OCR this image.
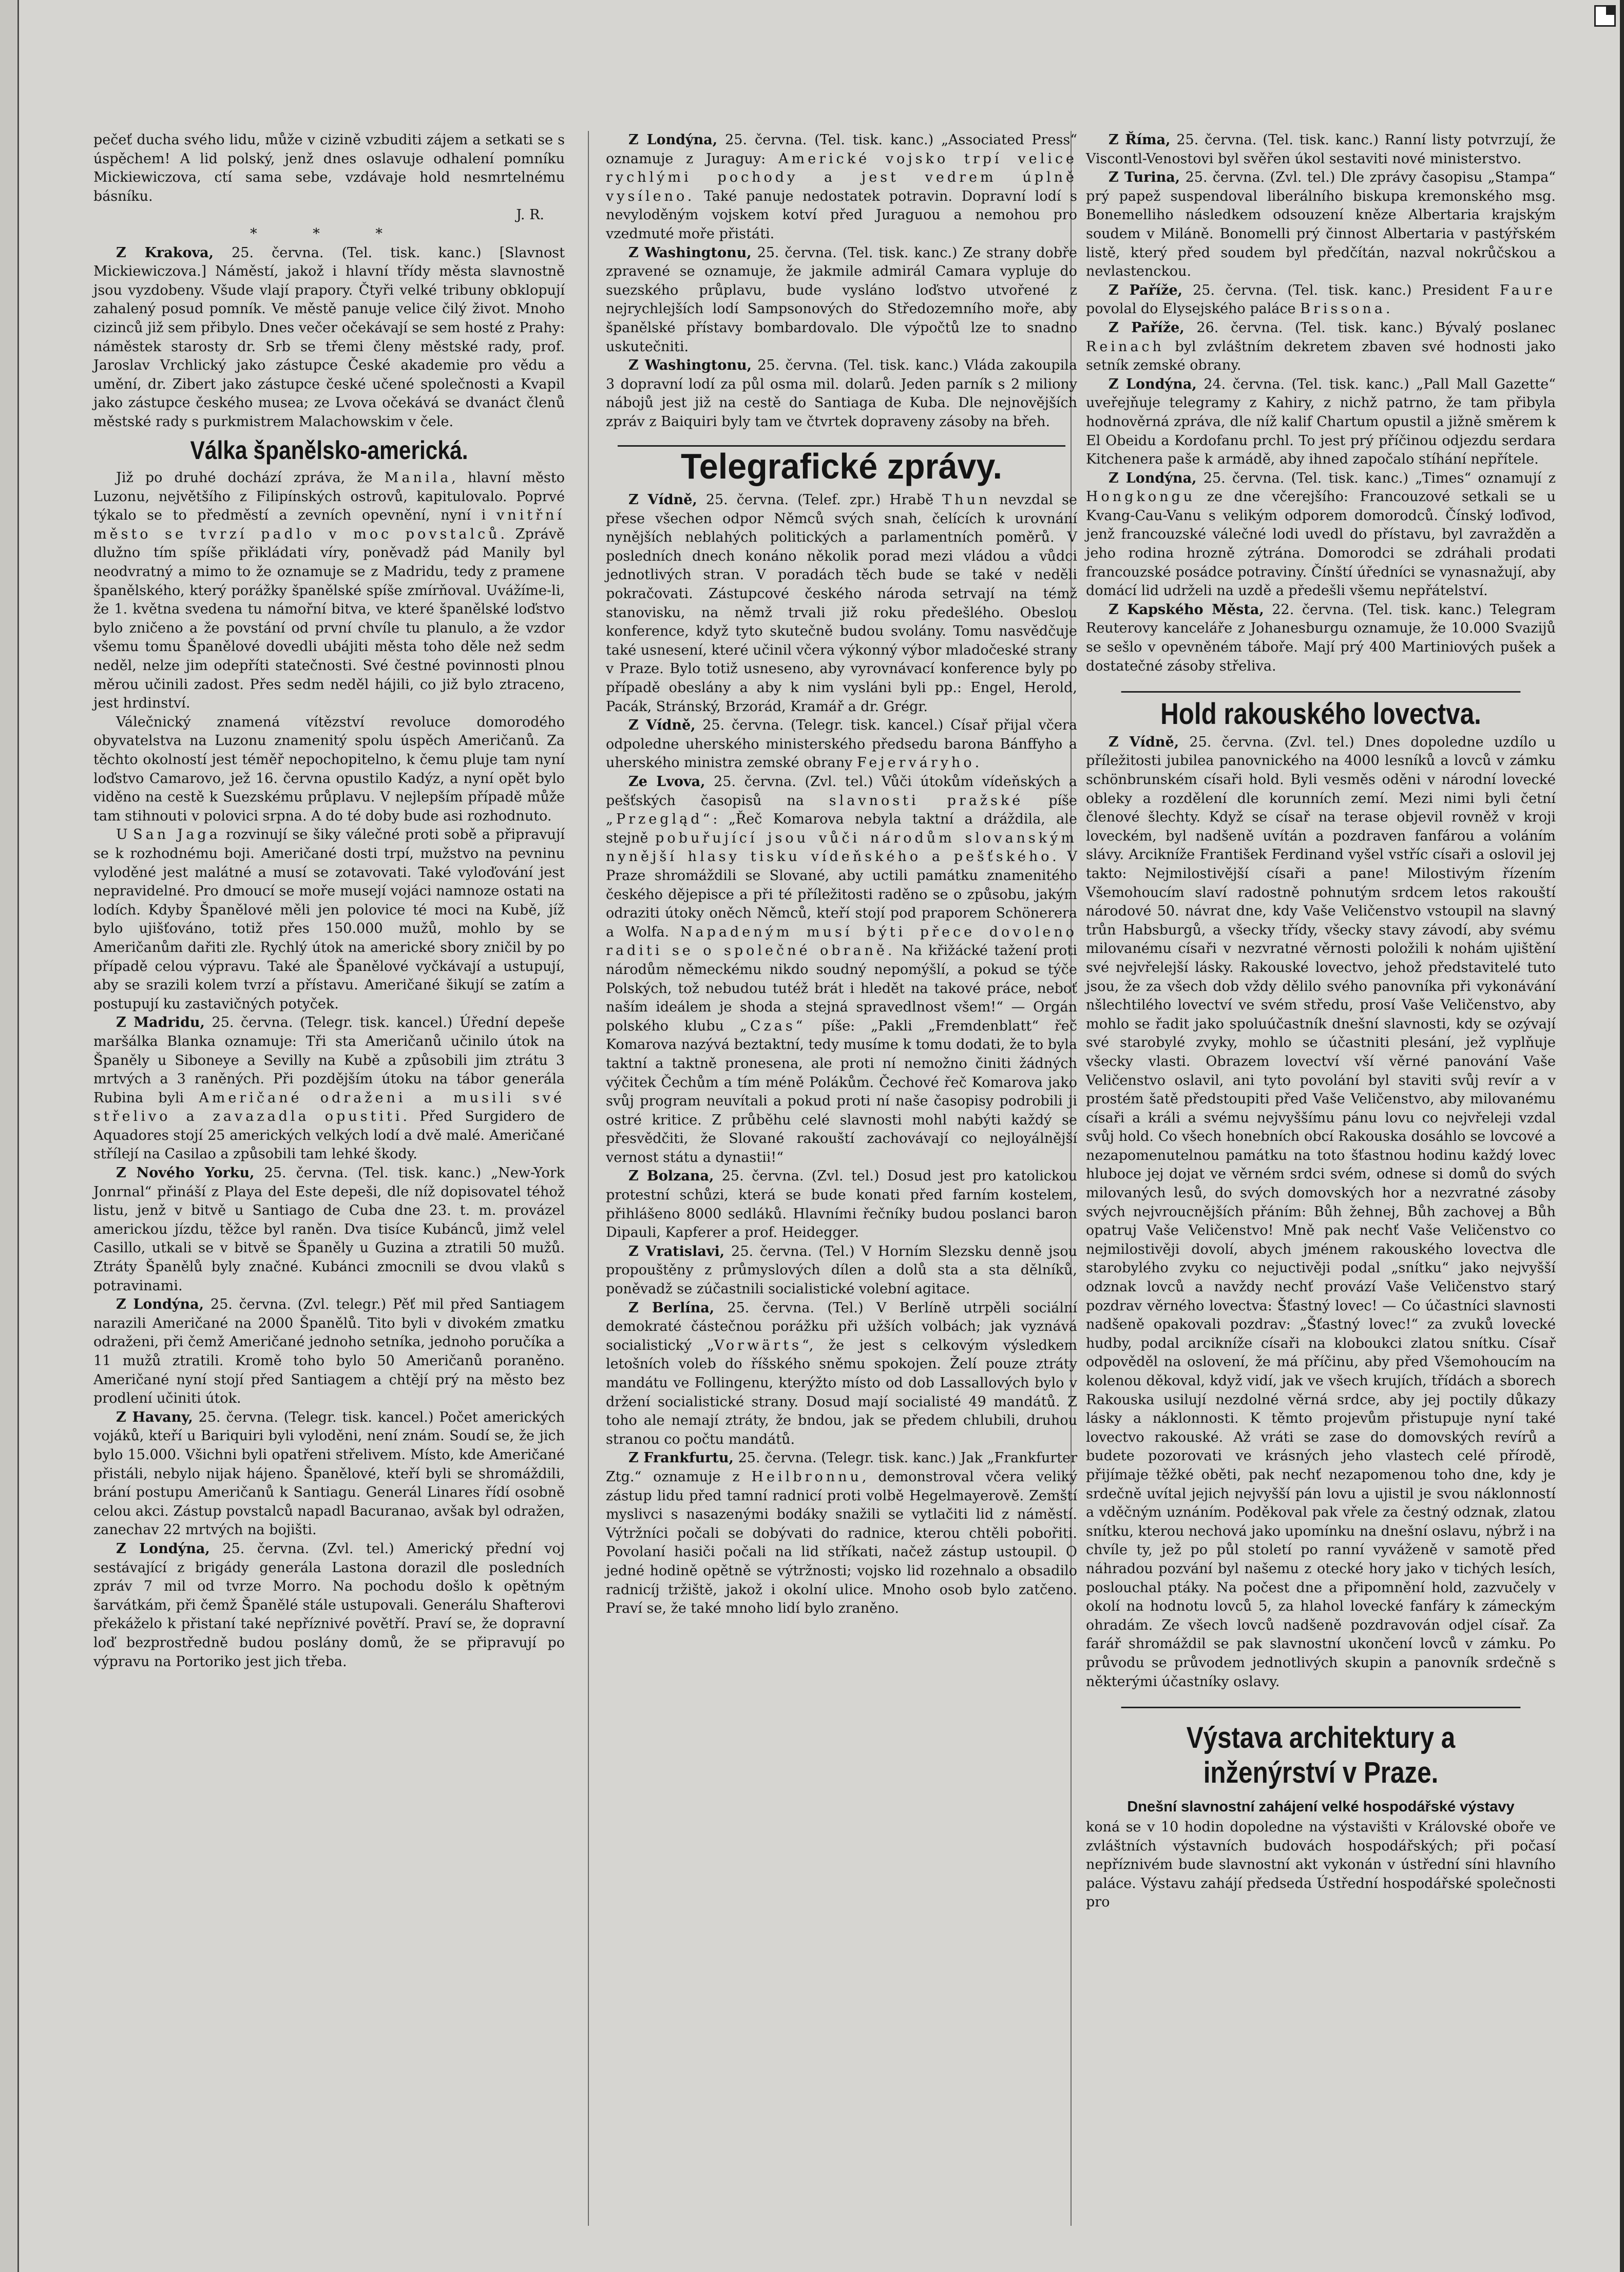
pečeť ducha svého lidu, může v cizině vzbuditi zájem a setkati se s úspěchem! A lid polský, jenž dnes oslavuje odhalení pomníku Mickiewiczova, ctí sama sebe, vzdávaje hold nesmrtelnému básníku.

J. R.

* * *

Z Krakova, 25. června. (Tel. tisk. kanc.) [Slavnost Mickiewiczova.] Náměstí, jakož i hlavní třídy města slavnostně jsou vyzdobeny. Všude vlají prapory. Čtyři velké tribuny obklopují zahalený posud pomník. Ve městě panuje velice čilý život. Mnoho cizinců již sem přibylo. Dnes večer očekávají se sem hosté z Prahy: náměstek starosty dr. Srb se třemi členy městské rady, prof. Jaroslav Vrchlický jako zástupce České akademie pro vědu a umění, dr. Zibert jako zástupce české učené společnosti a Kvapil jako zástupce českého musea; ze Lvova očekává se dvanáct členů městské rady s purkmistrem Malachowskim v čele.

Válka španělsko-americká.

Již po druhé dochází zpráva, že Manila, hlavní město Luzonu, největšího z Filipínských ostrovů, kapitulovalo. Poprvé týkalo se to předměstí a zevních opevnění, nyní i vnitřní město se tvrzí padlo v moc povstalců. Zprávě dlužno tím spíše přikládati víry, poněvadž pád Manily byl neodvratný a mimo to že oznamuje se z Madridu, tedy z pramene španělského, který porážky španělské spíše zmírňoval. Uvážíme-li, že 1. května svedena tu námořní bitva, ve které španělské loďstvo bylo zničeno a že povstání od první chvíle tu planulo, a že vzdor všemu tomu Španělové dovedli ubájiti města toho děle než sedm neděl, nelze jim odepříti statečnosti. Své čestné povinnosti plnou měrou učinili zadost. Přes sedm neděl hájili, co již bylo ztraceno, jest hrdinství.

Válečnický znamená vítězství revoluce domorodého obyvatelstva na Luzonu znamenitý spolu úspěch Američanů. Za těchto okolností jest téměř nepochopitelno, k čemu pluje tam nyní loďstvo Camarovo, jež 16. června opustilo Kadýz, a nyní opět bylo viděno na cestě k Suezskému průplavu. V nejlepším případě může tam stihnouti v polovici srpna. A do té doby bude asi rozhodnuto.

U San Jaga rozvinují se šiky válečné proti sobě a připravují se k rozhodnému boji. Američané dosti trpí, mužstvo na pevninu vyloděné jest malátné a musí se zotavovati. Také vyloďování jest nepravidelné. Pro dmoucí se moře musejí vojáci namnoze ostati na lodích. Kdyby Španělové měli jen polovice té moci na Kubě, jíž bylo ujišťováno, totiž přes 150.000 mužů, mohlo by se Američanům dařiti zle. Rychlý útok na americké sbory zničil by po případě celou výpravu. Také ale Španělové vyčkávají a ustupují, aby se srazili kolem tvrzí a přístavu. Američané šikují se zatím a postupují ku zastavičných potyček.

Z Madridu, 25. června. (Telegr. tisk. kancel.) Úřední depeše maršálka Blanka oznamuje: Tři sta Američanů učinilo útok na Španěly u Siboneye a Sevilly na Kubě a způsobili jim ztrátu 3 mrtvých a 3 raněných. Při pozdějším útoku na tábor generála Rubina byli Američané odraženi a musili své střelivo a zavazadla opustiti. Před Surgidero de Aquadores stojí 25 amerických velkých lodí a dvě malé. Američané střílejí na Casilao a způsobili tam lehké škody.

Z Nového Yorku, 25. června. (Tel. tisk. kanc.) „New-York Jonrnal“ přináší z Playa del Este depeši, dle níž dopisovatel téhož listu, jenž v bitvě u Santiago de Cuba dne 23. t. m. provázel americkou jízdu, těžce byl raněn. Dva tisíce Kubánců, jimž velel Casillo, utkali se v bitvě se Španěly u Guzina a ztratili 50 mužů. Ztráty Španělů byly značné. Kubánci zmocnili se dvou vlaků s potravinami.

Z Londýna, 25. června. (Zvl. telegr.) Pěť mil před Santiagem narazili Američané na 2000 Španělů. Tito byli v divokém zmatku odraženi, při čemž Američané jednoho setníka, jednoho poručíka a 11 mužů ztratili. Kromě toho bylo 50 Američanů poraněno. Američané nyní stojí před Santiagem a chtějí prý na město bez prodlení učiniti útok.

Z Havany, 25. června. (Telegr. tisk. kancel.) Počet amerických vojáků, kteří u Bariquiri byli vyloděni, není znám. Soudí se, že jich bylo 15.000. Všichni byli opatřeni střelivem. Místo, kde Američané přistáli, nebylo nijak hájeno. Španělové, kteří byli se shromáždili, brání postupu Američanů k Santiagu. Generál Linares řídí osobně celou akci. Zástup povstalců napadl Bacuranao, avšak byl odražen, zanechav 22 mrtvých na bojišti.

Z Londýna, 25. června. (Zvl. tel.) Americký přední voj sestávající z brigády generála Lastona dorazil dle posledních zpráv 7 mil od tvrze Morro. Na pochodu došlo k opětným šarvátkám, při čemž Španělé stále ustupovali. Generálu Shafterovi překáželo k přistaní také nepříznivé povětří. Praví se, že dopravní loď bezprostředně budou poslány domů, že se připravují po výpravu na Portoriko jest jich třeba.

Z Londýna, 25. června. (Tel. tisk. kanc.) „Associated Press“ oznamuje z Juraguy: Americké vojsko trpí velice rychlými pochody a jest vedrem úplně vysíleno. Také panuje nedostatek potravin. Dopravní lodí s nevyloděným vojskem kotví před Juraguou a nemohou pro vzedmuté moře přistáti.

Z Washingtonu, 25. června. (Tel. tisk. kanc.) Ze strany dobře zpravené se oznamuje, že jakmile admirál Camara vypluje do suezského průplavu, bude vysláno loďstvo utvořené z nejrychlejších lodí Sampsonových do Středozemního moře, aby španělské přístavy bombardovalo. Dle výpočtů lze to snadno uskutečniti.

Z Washingtonu, 25. června. (Tel. tisk. kanc.) Vláda zakoupila 3 dopravní lodí za půl osma mil. dolarů. Jeden parník s 2 miliony nábojů jest již na cestě do Santiaga de Kuba. Dle nejnovějších zpráv z Baiquiri byly tam ve čtvrtek dopraveny zásoby na břeh.

Telegrafické zprávy.

Z Vídně, 25. června. (Telef. zpr.) Hrabě Thun nevzdal se přese všechen odpor Němců svých snah, čelících k urovnání nynějších neblahých politických a parlamentních poměrů. V posledních dnech konáno několik porad mezi vládou a vůdci jednotlivých stran. V poradách těch bude se také v neděli pokračovati. Zástupcové českého národa setrvají na témž stanovisku, na němž trvali již roku předešlého. Obeslou konference, když tyto skutečně budou svolány. Tomu nasvědčuje také usnesení, které učinil včera výkonný výbor mladočeské strany v Praze. Bylo totiž usneseno, aby vyrovnávací konference byly po případě obeslány a aby k nim vysláni byli pp.: Engel, Herold, Pacák, Stránský, Brzorád, Kramář a dr. Grégr.

Z Vídně, 25. června. (Telegr. tisk. kancel.) Císař přijal včera odpoledne uherského ministerského předsedu barona Bánffyho a uherského ministra zemské obrany Fejerváryho.

Ze Lvova, 25. června. (Zvl. tel.) Vůči útokům vídeňských a pešťských časopisů na slavnosti pražské píše „Przegląd“: „Řeč Komarova nebyla taktní a dráždila, ale stejně pobuřující jsou vůči národům slovanským nynější hlasy tisku vídeňského a pešťského. V Praze shromáždili se Slované, aby uctili památku znamenitého českého dějepisce a při té příležitosti raděno se o způsobu, jakým odraziti útoky oněch Němců, kteří stojí pod praporem Schönerera a Wolfa. Napadeným musí býti přece dovoleno raditi se o společné obraně. Na křižácké tažení proti národům německému nikdo soudný nepomýšlí, a pokud se týče Polských, tož nebudou tutéž brát i hledět na takové práce, neboť naším ideálem je shoda a stejná spravedlnost všem!“ — Orgán polského klubu „Czas“ píše: „Pakli „Fremdenblatt“ řeč Komarova nazývá beztaktní, tedy musíme k tomu dodati, že to byla taktní a taktně pronesena, ale proti ní nemožno činiti žádných výčitek Čechům a tím méně Polákům. Čechové řeč Komarova jako svůj program neuvítali a pokud proti ní naše časopisy podrobili ji ostré kritice. Z průběhu celé slavnosti mohl nabýti každý se přesvědčiti, že Slované rakouští zachovávají co nejloyálnější vernost státu a dynastii!“

Z Bolzana, 25. června. (Zvl. tel.) Dosud jest pro katolickou protestní schůzi, která se bude konati před farním kostelem, přihlášeno 8000 sedláků. Hlavními řečníky budou poslanci baron Dipauli, Kapferer a prof. Heidegger.

Z Vratislavi, 25. června. (Tel.) V Horním Slezsku denně jsou propouštěny z průmyslových dílen a dolů sta a sta dělníků, poněvadž se zúčastnili socialistické volební agitace.

Z Berlína, 25. června. (Tel.) V Berlíně utrpěli sociální demokraté částečnou porážku při užších volbách; jak vyznává socialistický „Vorwärts“, že jest s celkovým výsledkem letošních voleb do říšského sněmu spokojen. Želí pouze ztráty mandátu ve Follingenu, kterýžto místo od dob Lassallových bylo v držení socialistické strany. Dosud mají socialisté 49 mandátů. Z toho ale nemají ztráty, že bndou, jak se předem chlubili, druhou stranou co počtu mandátů.

Z Frankfurtu, 25. června. (Telegr. tisk. kanc.) Jak „Frankfurter Ztg.“ oznamuje z Heilbronnu, demonstroval včera veliký zástup lidu před tamní radnicí proti volbě Hegelmayerově. Zemští myslivci s nasazenými bodáky snažili se vytlačiti lid z náměstí. Výtržníci počali se dobývati do radnice, kterou chtěli pobořiti. Povolaní hasiči počali na lid stříkati, načež zástup ustoupil. O jedné hodině opětně se výtržnosti; vojsko lid rozehnalo a obsadilo radnicíj tržiště, jakož i okolní ulice. Mnoho osob bylo zatčeno. Praví se, že také mnoho lidí bylo zraněno.

Z Říma, 25. června. (Tel. tisk. kanc.) Ranní listy potvrzují, že Viscontl-Venostovi byl svěřen úkol sestaviti nové ministerstvo.

Z Turina, 25. června. (Zvl. tel.) Dle zprávy časopisu „Stampa“ prý papež suspendoval liberálního biskupa kremonského msg. Bonemelliho následkem odsouzení kněze Albertaria krajským soudem v Miláně. Bonomelli prý činnost Albertaria v pastýřském listě, který před soudem byl předčítán, nazval nokrůčskou a nevlastenckou.

Z Paříže, 25. června. (Tel. tisk. kanc.) President Faure povolal do Elysejského paláce Brissona.

Z Paříže, 26. června. (Tel. tisk. kanc.) Bývalý poslanec Reinach byl zvláštním dekretem zbaven své hodnosti jako setník zemské obrany.

Z Londýna, 24. června. (Tel. tisk. kanc.) „Pall Mall Gazette“ uveřejňuje telegramy z Kahiry, z nichž patrno, že tam přibyla hodnověrná zpráva, dle níž kalif Chartum opustil a jižně směrem k El Obeidu a Kordofanu prchl. To jest prý příčinou odjezdu serdara Kitchenera paše k armádě, aby ihned započalo stíhání nepřítele.

Z Londýna, 25. června. (Tel. tisk. kanc.) „Times“ oznamují z Hongkongu ze dne včerejšího: Francouzové setkali se u Kvang-Cau-Vanu s velikým odporem domorodců. Čínský loďivod, jenž francouzské válečné lodi uvedl do přístavu, byl zavražděn a jeho rodina hrozně zýtrána. Domorodci se zdráhali prodati francouzské posádce potraviny. Čínští úředníci se vynasnažují, aby domácí lid udrželi na uzdě a předešli všemu nepřátelství.

Z Kapského Města, 22. června. (Tel. tisk. kanc.) Telegram Reuterovy kanceláře z Johanesburgu oznamuje, že 10.000 Svazijů se sešlo v opevněném táboře. Mají prý 400 Martiniových pušek a dostatečné zásoby střeliva.

Hold rakouského lovectva.

Z Vídně, 25. června. (Zvl. tel.) Dnes dopoledne uzdílo u příležitosti jubilea panovnického na 4000 lesníků a lovců v zámku schönbrunském císaři hold. Byli vesměs oděni v národní lovecké oblekу a rozdělení dle korunních zemí. Mezi nimi byli četní členové šlechty. Když se císař na terase objevil rovněž v kroji loveckém, byl nadšeně uvítán a pozdraven fanfárou a voláním slávy. Arcikníže František Ferdinand vyšel vstříc císaři a oslovil jej takto: Nejmilostivější císaři a pane! Milostivým řízením Všemohoucím slaví radostně pohnutým srdcem letos rakouští národové 50. návrat dne, kdy Vaše Veličenstvo vstoupil na slavný trůn Habsburgů, a všecky třídy, všecky stavy závodí, aby svému milovanému císaři v nezvratné věrnosti položili k nohám ujištění své nejvřelejší lásky. Rakouské lovectvo, jehož představitelé tuto jsou, že za všech dob vždy dělilo svého panovníka při vykonávání nšlechtilého lovectví ve svém středu, prosí Vaše Veličenstvo, aby mohlo se řadit jako spoluúčastník dnešní slavnosti, kdy se ozývají své starobylé zvyky, mohlo se účastniti plesání, jež vyplňuje všecky vlasti. Obrazem lovectví vší věrné panování Vaše Veličenstvo oslavil, ani tyto povolání byl staviti svůj revír a v prostém šatě předstoupiti před Vaše Veličenstvo, aby milovanému císaři a králi a svému nejvyššímu pánu lovu co nejvřeleji vzdal svůj hold. Co všech honebních obcí Rakouska dosáhlo se lovcové a nezapomenutelnou památku na toto šťastnou hodinu každý lovec hluboce jej dojat ve věrném srdci svém, odnese si domů do svých milovaných lesů, do svých domovských hor a nezvratné zásoby svých nejvroucnějších přáním: Bůh žehnej, Bůh zachovej a Bůh opatruj Vaše Veličenstvo! Mně pak nechť Vaše Veličenstvo co nejmilostivěji dovolí, abych jménem rakouského lovectva dle starobylého zvyku co nejuctivěji podal „snítku“ jako nejvyšší odznak lovců a navždy nechť provází Vaše Veličenstvo starý pozdrav věrného lovectva: Šťastný lovec! — Co účastníci slavnosti nadšeně opakovali pozdrav: „Šťastný lovec!“ za zvuků lovecké hudby, podal arcikníže císaři na kloboukci zlatou snítku. Císař odpověděl na oslovení, že má příčinu, aby před Všemohoucím na kolenou děkoval, když vidí, jak ve všech krujích, třídách a sborech Rakouska usilují nezdolné věrná srdce, aby jej poctily důkazy lásky a náklonnosti. K těmto projevům přistupuje nyní také lovectvo rakouské. Až vráti se zase do domovských revírů a budete pozorovati ve krásných jeho vlastech celé přírodě, přijímaje těžké oběti, pak nechť nezapomenou toho dne, kdy je srdečně uvítal jejich nejvyšší pán lovu a ujistil je svou náklonností a vděčným uznáním. Poděkoval pak vřele za čestný odznak, zlatou snítku, kterou nechová jako upomínku na dnešní oslavu, nýbrž i na chvíle ty, jež po půl století po ranní vyváženě v samotě před náhradou pozvání byl našemu z otecké hory jako v tichých lesích, poslouchal ptáky. Na počest dne a připomnění hold, zazvučely v okolí na hodnotu lovců 5, za hlahol lovecké fanfáry k zámeckým ohradám. Ze všech lovců nadšeně pozdravován odjel císař. Za farář shromáždil se pak slavnostní ukončení lovců v zámku. Po průvodu se průvodem jednotlivých skupin a panovník srdečně s některými účastníky oslavy.

Výstava architektury a inženýrství v Praze.

Dnešní slavnostní zahájení velké hospodářské výstavy

koná se v 10 hodin dopoledne na výstavišti v Královské oboře ve zvláštních výstavních budovách hospodářských; při počasí nepříznivém bude slavnostní akt vykonán v ústřední síni hlavního paláce. Výstavu zahájí předseda Ústřední hospodářské společnosti pro
